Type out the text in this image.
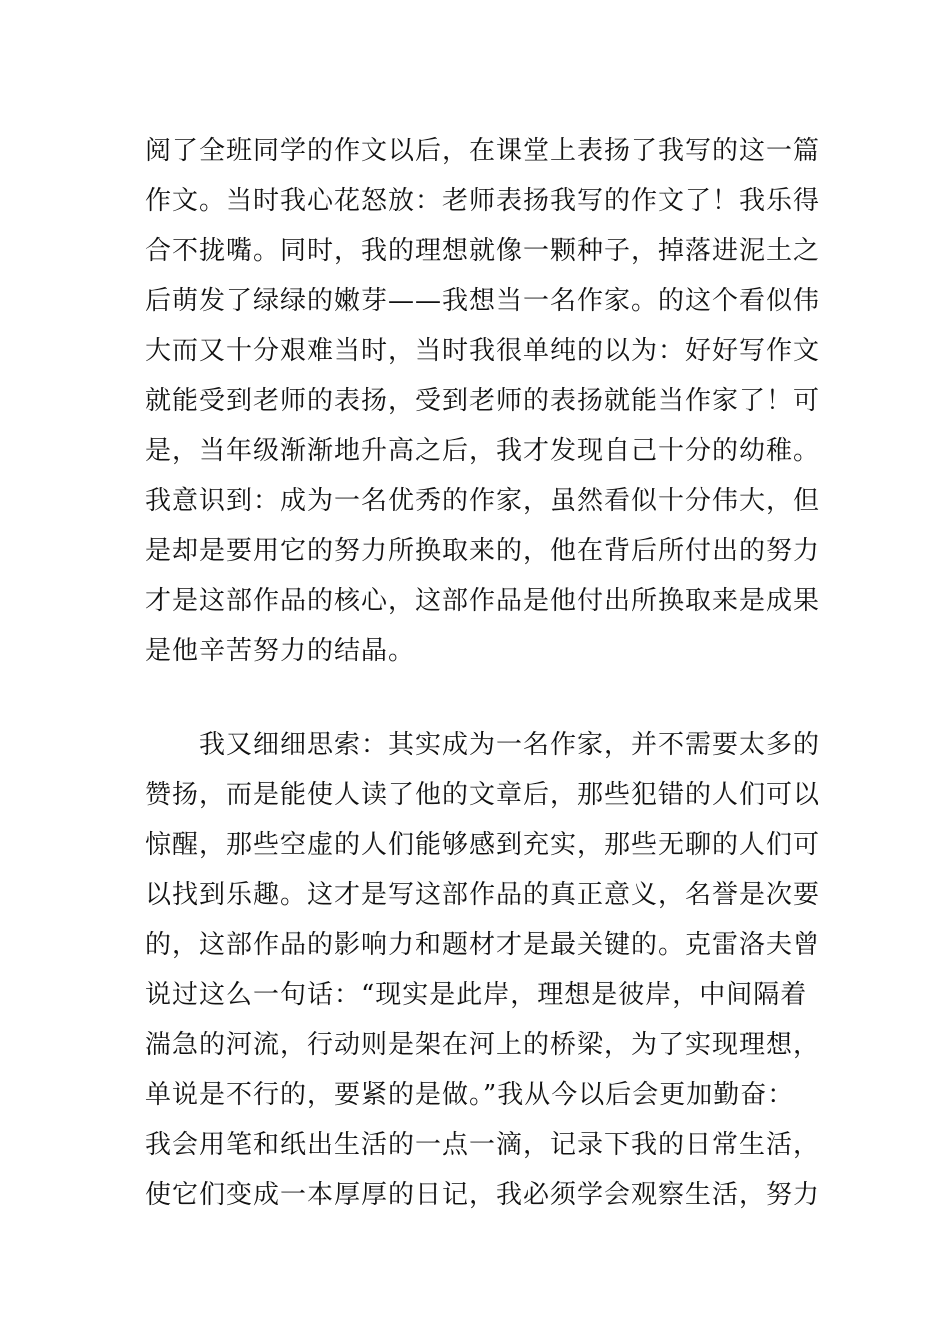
阅了全班同学的作文以后，在课堂上表扬了我写的这一篇
作文。当时我心花怒放：老师表扬我写的作文了！我乐得
合不拢嘴。同时，我的理想就像一颗种子，掉落进泥土之
后萌发了绿绿的嫩芽——我想当一名作家。的这个看似伟
大而又十分艰难当时，当时我很单纯的以为：好好写作文
就能受到老师的表扬，受到老师的表扬就能当作家了！可
是，当年级渐渐地升高之后，我才发现自己十分的幼稚。
我意识到：成为一名优秀的作家，虽然看似十分伟大，但
是却是要用它的努力所换取来的，他在背后所付出的努力
才是这部作品的核心，这部作品是他付出所换取来是成果
是他辛苦努力的结晶。

　　我又细细思索：其实成为一名作家，并不需要太多的
赞扬，而是能使人读了他的文章后，那些犯错的人们可以
惊醒，那些空虚的人们能够感到充实，那些无聊的人们可
以找到乐趣。这才是写这部作品的真正意义，名誉是次要
的，这部作品的影响力和题材才是最关键的。克雷洛夫曾
说过这么一句话：“现实是此岸，理想是彼岸，中间隔着
湍急的河流，行动则是架在河上的桥梁，为了实现理想，
单说是不行的，要紧的是做。”我从今以后会更加勤奋：
我会用笔和纸出生活的一点一滴，记录下我的日常生活，
使它们变成一本厚厚的日记，我必须学会观察生活，努力
